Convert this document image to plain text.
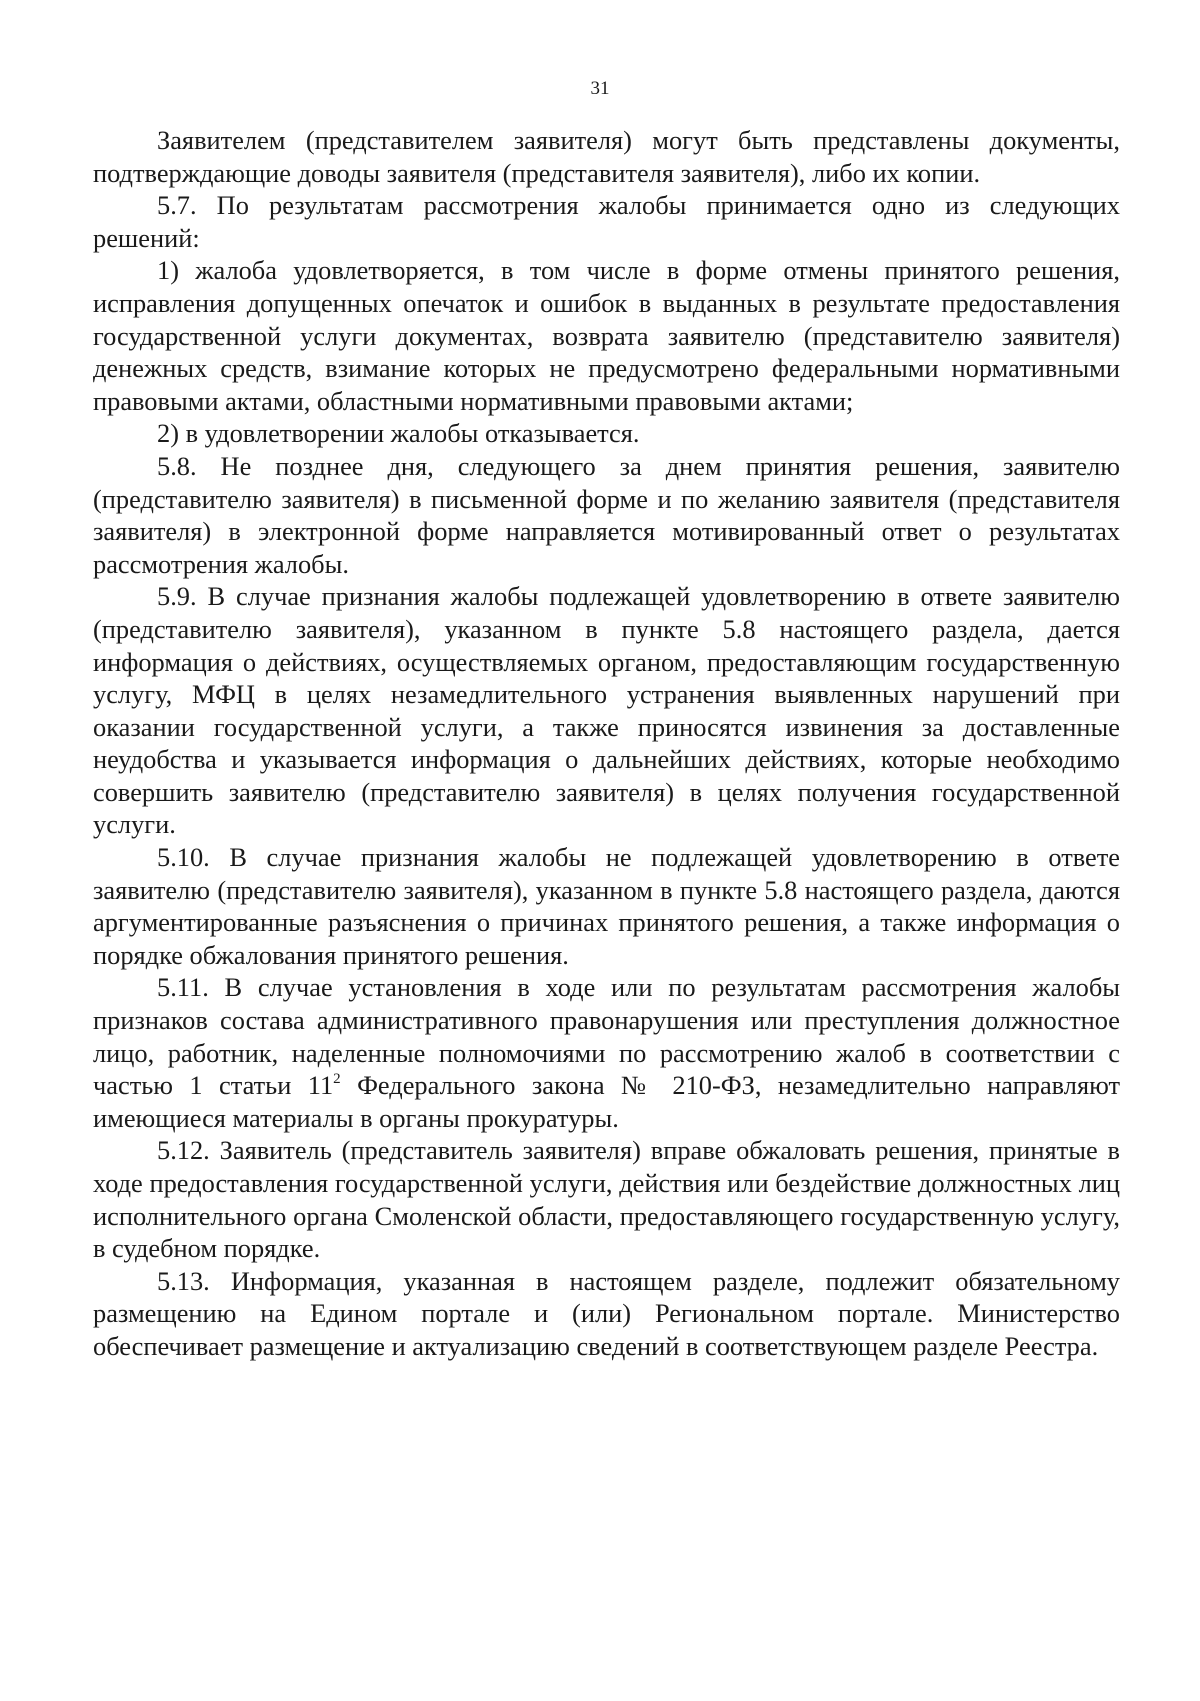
31

Заявителем (представителем заявителя) могут быть представлены документы, подтверждающие доводы заявителя (представителя заявителя), либо их копии.

5.7. По результатам рассмотрения жалобы принимается одно из следующих решений:

1) жалоба удовлетворяется, в том числе в форме отмены принятого решения, исправления допущенных опечаток и ошибок в выданных в результате предоставления государственной услуги документах, возврата заявителю (представителю заявителя) денежных средств, взимание которых не предусмотрено федеральными нормативными правовыми актами, областными нормативными правовыми актами;

2) в удовлетворении жалобы отказывается.

5.8. Не позднее дня, следующего за днем принятия решения, заявителю (представителю заявителя) в письменной форме и по желанию заявителя (представителя заявителя) в электронной форме направляется мотивированный ответ о результатах рассмотрения жалобы.

5.9. В случае признания жалобы подлежащей удовлетворению в ответе заявителю (представителю заявителя), указанном в пункте 5.8 настоящего раздела, дается информация о действиях, осуществляемых органом, предоставляющим государственную услугу, МФЦ в целях незамедлительного устранения выявленных нарушений при оказании государственной услуги, а также приносятся извинения за доставленные неудобства и указывается информация о дальнейших действиях, которые необходимо совершить заявителю (представителю заявителя) в целях получения государственной услуги.

5.10. В случае признания жалобы не подлежащей удовлетворению в ответе заявителю (представителю заявителя), указанном в пункте 5.8 настоящего раздела, даются аргументированные разъяснения о причинах принятого решения, а также информация о порядке обжалования принятого решения.

5.11. В случае установления в ходе или по результатам рассмотрения жалобы признаков состава административного правонарушения или преступления должностное лицо, работник, наделенные полномочиями по рассмотрению жалоб в соответствии с частью 1 статьи $11^2$ Федерального закона № 210-ФЗ, незамедлительно направляют имеющиеся материалы в органы прокуратуры.

5.12. Заявитель (представитель заявителя) вправе обжаловать решения, принятые в ходе предоставления государственной услуги, действия или бездействие должностных лиц исполнительного органа Смоленской области, предоставляющего государственную услугу, в судебном порядке.

5.13. Информация, указанная в настоящем разделе, подлежит обязательному размещению на Едином портале и (или) Региональном портале. Министерство обеспечивает размещение и актуализацию сведений в соответствующем разделе Реестра.
